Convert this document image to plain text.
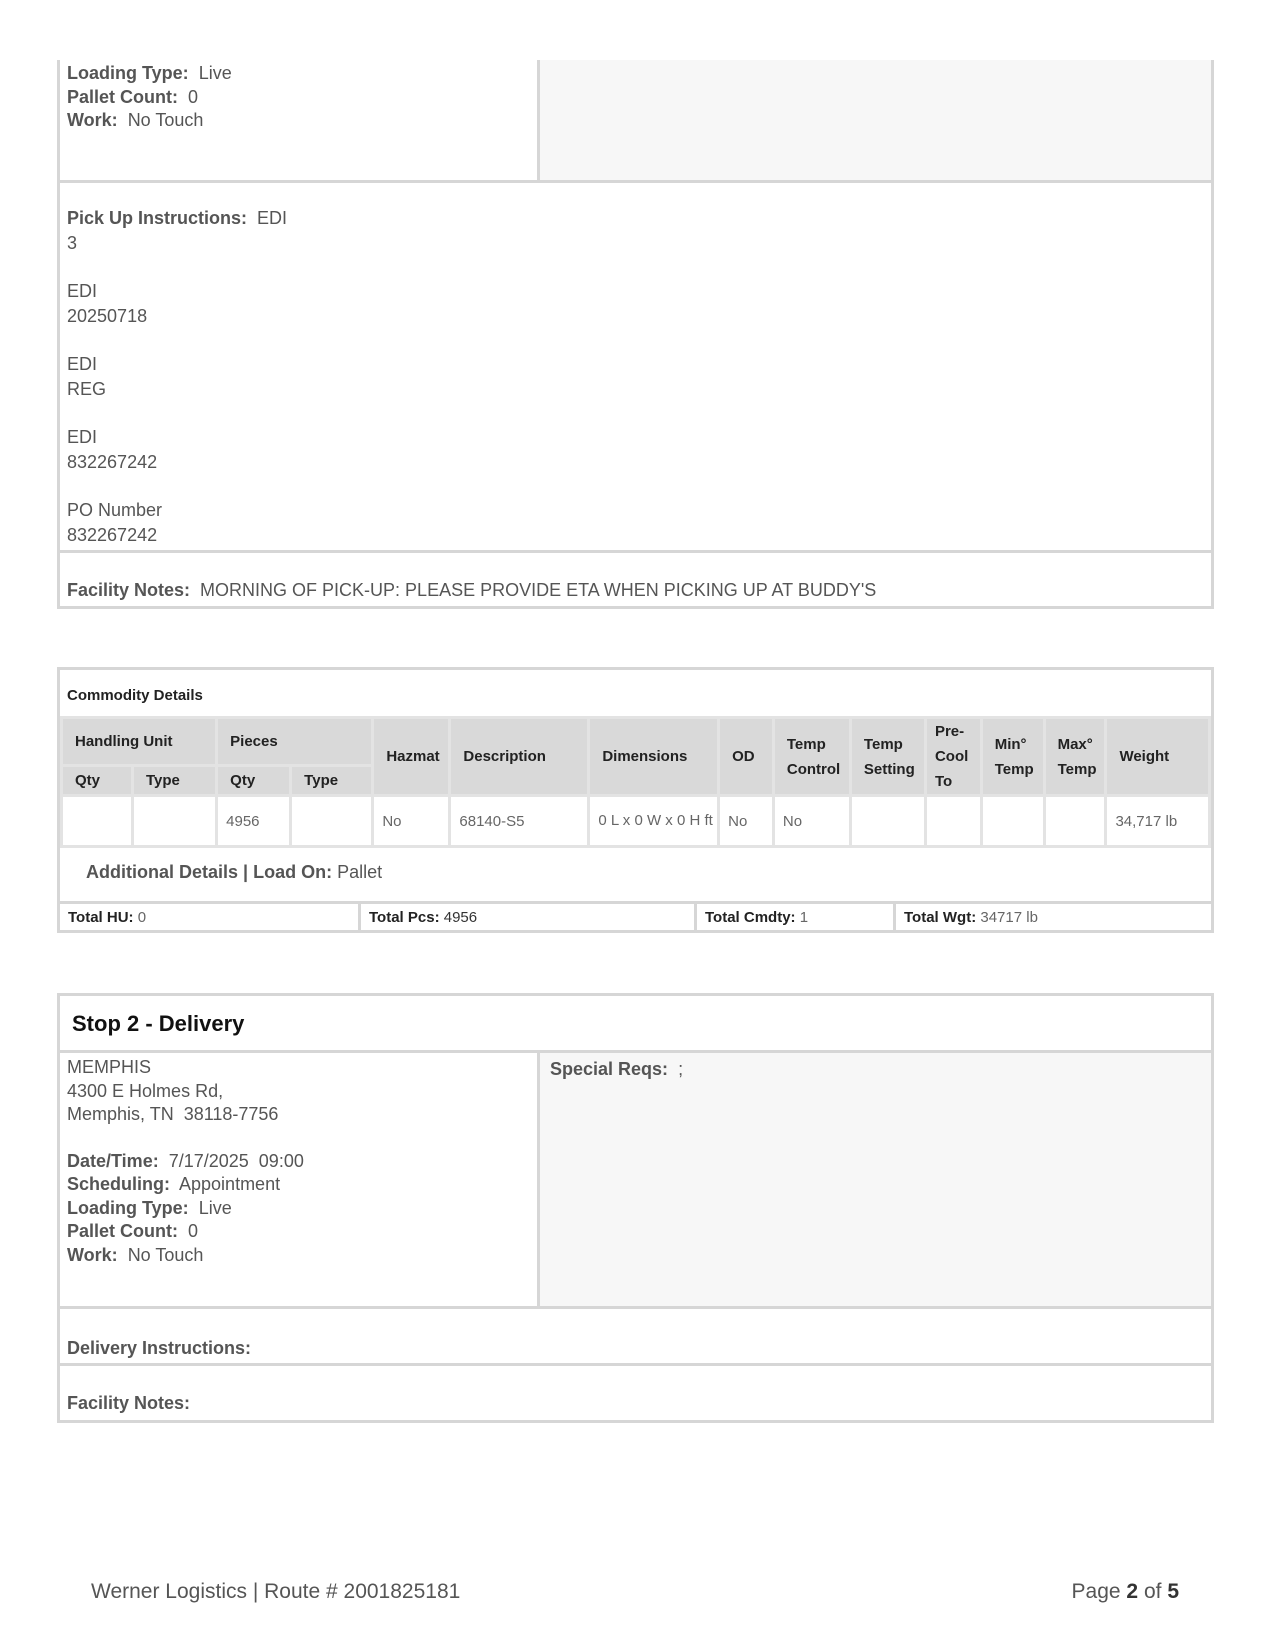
Loading Type: Live
Pallet Count: 0
Work: No Touch
Pick Up Instructions: EDI
3
EDI
20250718
EDI
REG
EDI
832267242
PO Number
832267242
Facility Notes: MORNING OF PICK-UP: PLEASE PROVIDE ETA WHEN PICKING UP AT BUDDY'S
Commodity Details
Handling Unit		Pieces		Hazmat	Description	Dimensions	OD	Temp Control	Temp Setting	Pre-Cool To	Min° Temp	Max° Temp	Weight
Qty	Type	Qty	Type										
		4956		No	68140-S5	0 L x 0 W x 0 H ft	No	No					34,717 lb
Additional Details | Load On: Pallet
Total HU: 0	Total Pcs: 4956	Total Cmdty: 1	Total Wgt: 34717 lb
Stop 2 - Delivery
MEMPHIS
4300 E Holmes Rd,
Memphis, TN  38118-7756
Date/Time: 7/17/2025  09:00
Scheduling: Appointment
Loading Type: Live
Pallet Count: 0
Work: No Touch
Special Reqs: ;
Delivery Instructions:
Facility Notes:
Werner Logistics | Route # 2001825181	Page 2 of 5
